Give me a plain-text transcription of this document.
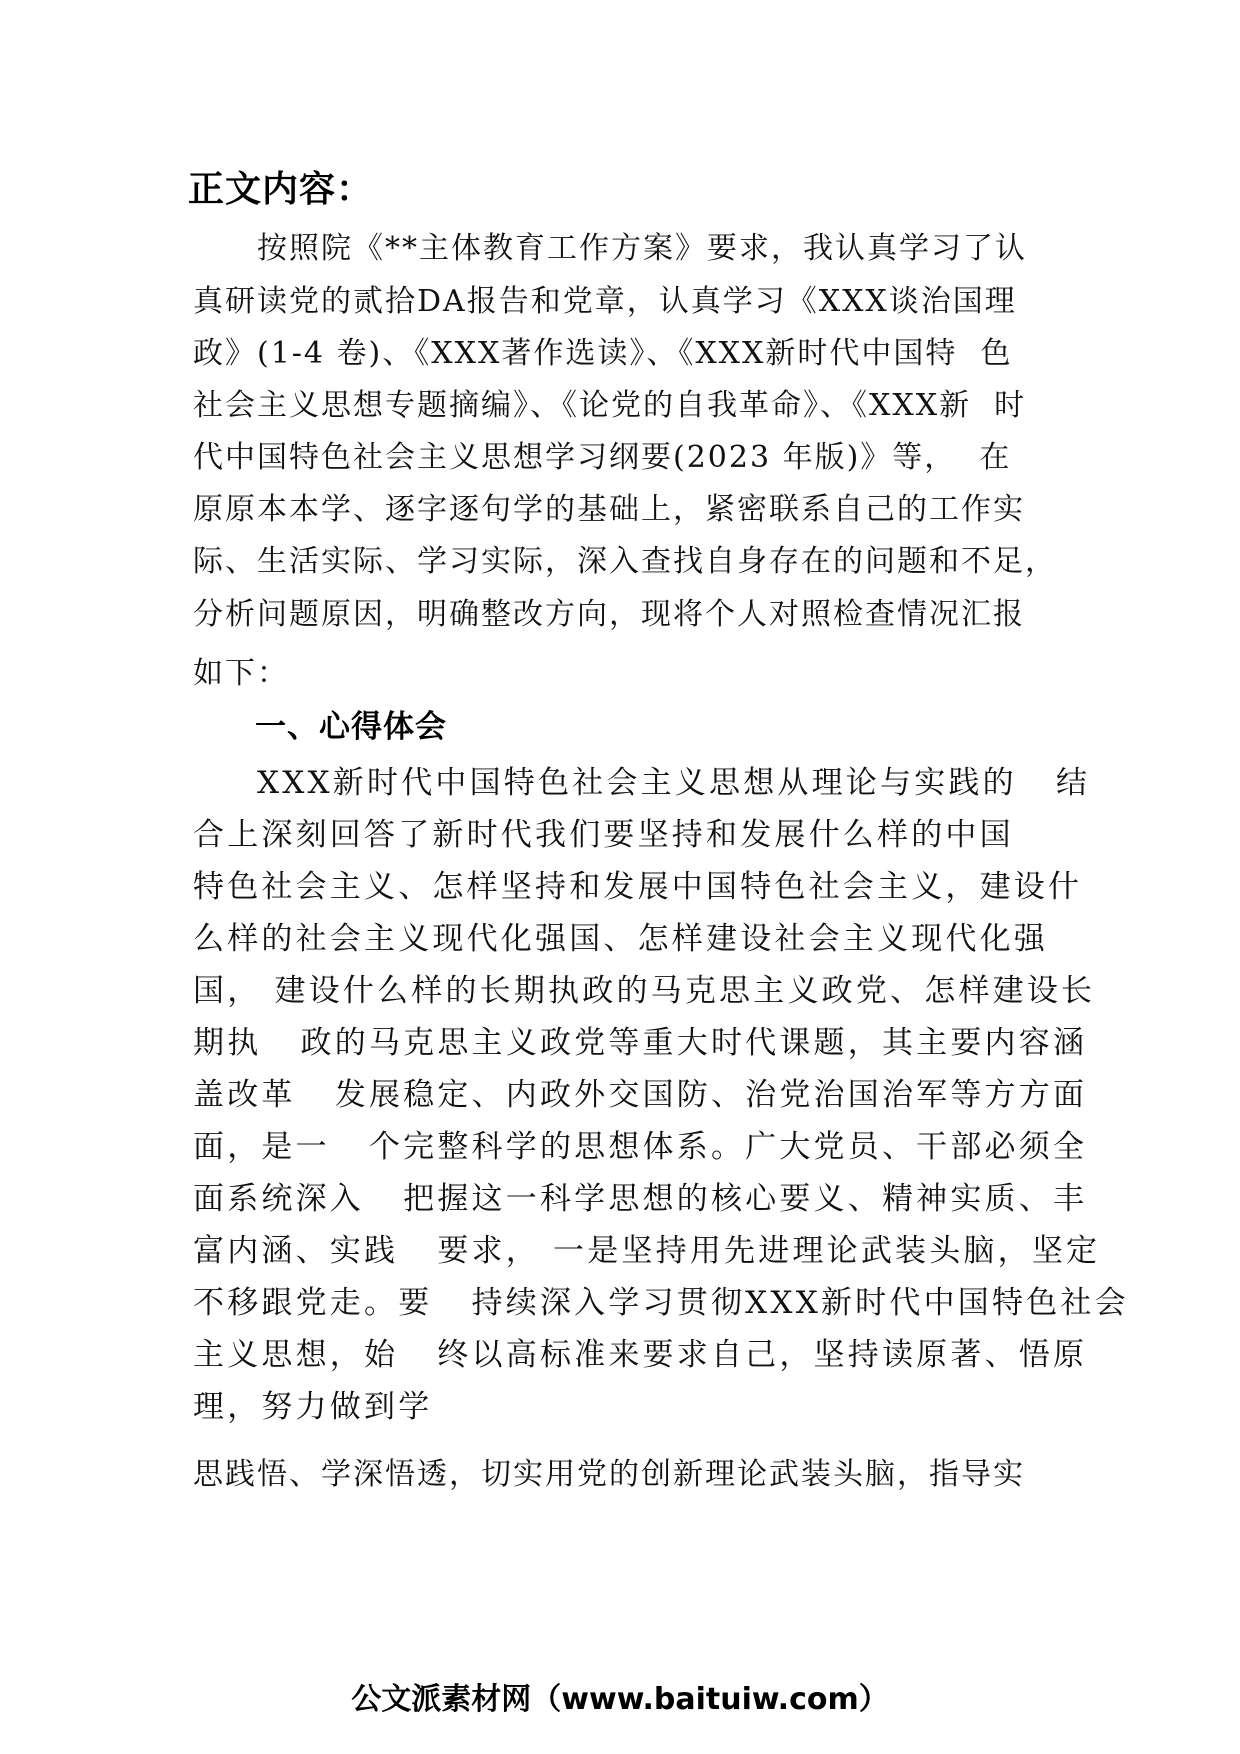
正文内容：
按照院《**主体教育工作方案》要求，我认真学习了认
真研读党的贰拾DA报告和党章，认真学习《XXX谈治国理
政》(1-4 卷)、《XXX著作选读》、《XXX新时代中国特  色
社会主义思想专题摘编》、《论党的自我革命》、《XXX新  时
代中国特色社会主义思想学习纲要(2023 年版)》等，  在
原原本本学、逐字逐句学的基础上，紧密联系自己的工作实
际、生活实际、学习实际，深入查找自身存在的问题和不足，
分析问题原因，明确整改方向，现将个人对照检查情况汇报
如下：
一、心得体会
XXX新时代中国特色社会主义思想从理论与实践的   结
合上深刻回答了新时代我们要坚持和发展什么样的中国
特色社会主义、怎样坚持和发展中国特色社会主义，建设什
么样的社会主义现代化强国、怎样建设社会主义现代化强
国， 建设什么样的长期执政的马克思主义政党、怎样建设长
期执   政的马克思主义政党等重大时代课题，其主要内容涵
盖改革   发展稳定、内政外交国防、治党治国治军等方方面
面，是一   个完整科学的思想体系。广大党员、干部必须全
面系统深入   把握这一科学思想的核心要义、精神实质、丰
富内涵、实践   要求， 一是坚持用先进理论武装头脑，坚定
不移跟党走。要   持续深入学习贯彻XXX新时代中国特色社会
主义思想，始   终以高标准来要求自己，坚持读原著、悟原
理，努力做到学
思践悟、学深悟透，切实用党的创新理论武装头脑，指导实
公文派素材网（www.baituiw.com）
